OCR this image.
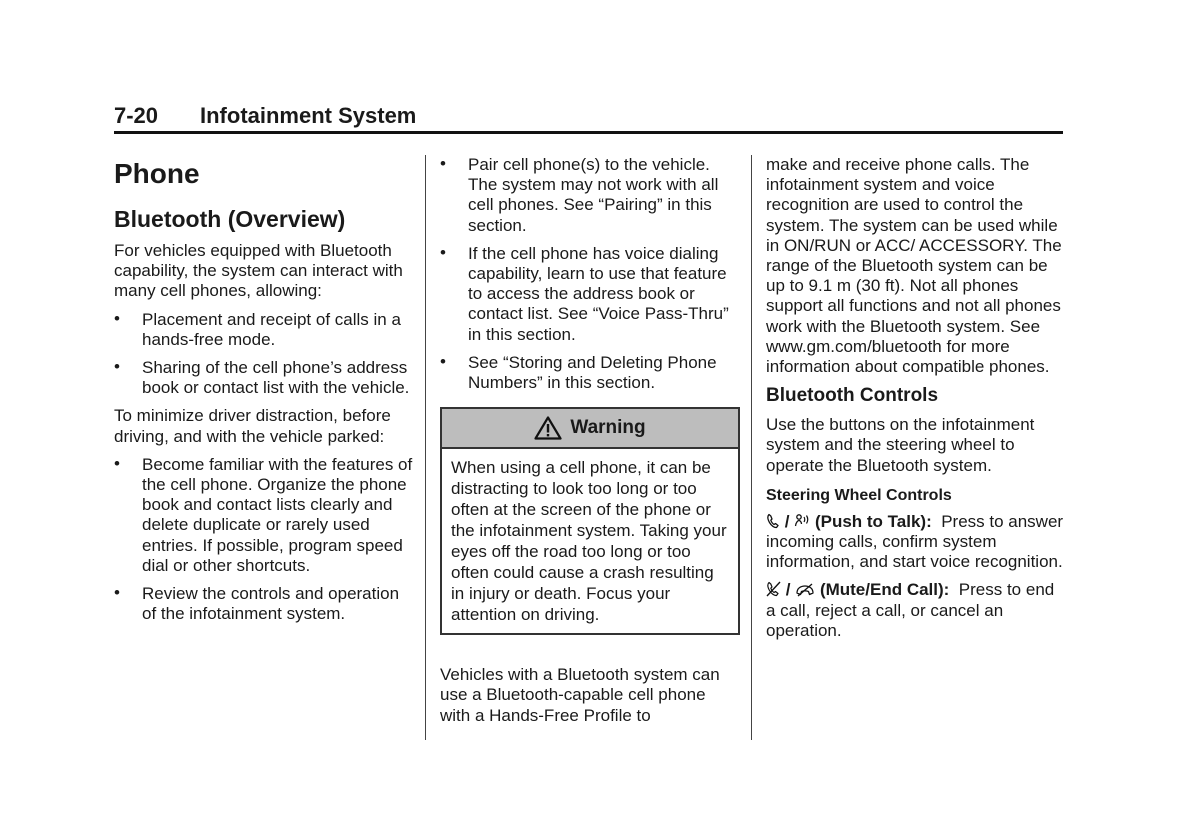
7-20 Infotainment System
Phone
Bluetooth (Overview)

For vehicles equipped with Bluetooth capability, the system can interact with many cell phones, allowing:

• Placement and receipt of calls in a hands-free mode.
• Sharing of the cell phone’s address book or contact list with the vehicle.

To minimize driver distraction, before driving, and with the vehicle parked:

• Become familiar with the features of the cell phone. Organize the phone book and contact lists clearly and delete duplicate or rarely used entries. If possible, program speed dial or other shortcuts.
• Review the controls and operation of the infotainment system.
• Pair cell phone(s) to the vehicle. The system may not work with all cell phones. See “Pairing” in this section.
• If the cell phone has voice dialing capability, learn to use that feature to access the address book or contact list. See “Voice Pass-Thru” in this section.
• See “Storing and Deleting Phone Numbers” in this section.
Warning
When using a cell phone, it can be distracting to look too long or too often at the screen of the phone or the infotainment system. Taking your eyes off the road too long or too often could cause a crash resulting in injury or death. Focus your attention on driving.

Vehicles with a Bluetooth system can use a Bluetooth-capable cell phone with a Hands-Free Profile to

make and receive phone calls. The infotainment system and voice recognition are used to control the system. The system can be used while in ON/RUN or ACC/ ACCESSORY. The range of the Bluetooth system can be up to 9.1 m (30 ft). Not all phones support all functions and not all phones work with the Bluetooth system. See www.gm.com/bluetooth for more information about compatible phones.

Bluetooth Controls

Use the buttons on the infotainment system and the steering wheel to operate the Bluetooth system.

Steering Wheel Controls

/ (Push to Talk): Press to answer incoming calls, confirm system information, and start voice recognition.

/ (Mute/End Call): Press to end a call, reject a call, or cancel an operation.
